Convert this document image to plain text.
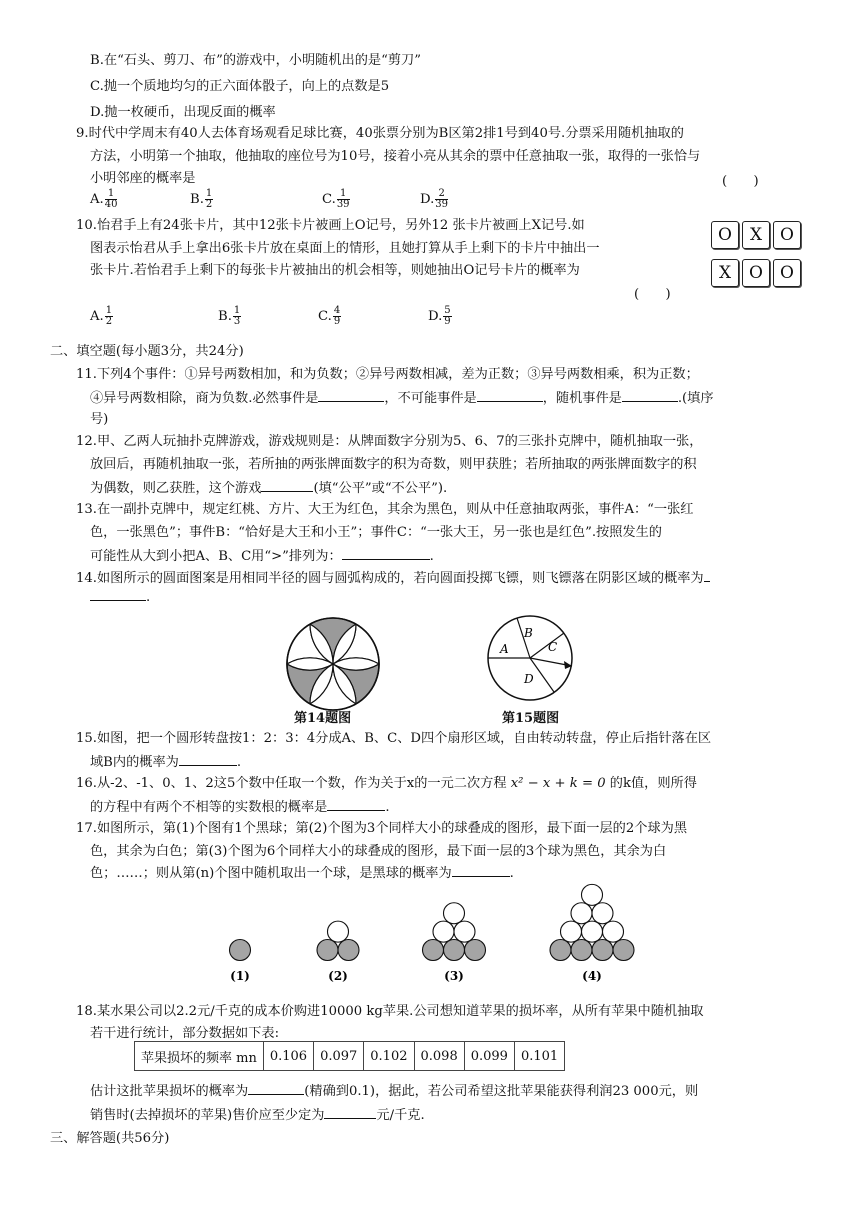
B.在“石头、剪刀、布”的游戏中，小明随机出的是“剪刀”
C.抛一个质地均匀的正六面体骰子，向上的点数是5
D.抛一枚硬币，出现反面的概率
9.时代中学周末有40人去体育场观看足球比赛，40张票分别为B区第2排1号到40号.分票采用随机抽取的
方法，小明第一个抽取，他抽取的座位号为10号，接着小亮从其余的票中任意抽取一张，取得的一张恰与
小明邻座的概率是	(　　)
A. $\frac{1}{40}$	B. $\frac{1}{2}$	C. $\frac{1}{39}$	D. $\frac{2}{39}$
10.怡君手上有24张卡片，其中12张卡片被画上O记号，另外12 张卡片被画上X记号.如
图表示怡君从手上拿出6张卡片放在桌面上的情形，且她打算从手上剩下的卡片中抽出一
张卡片.若怡君手上剩下的每张卡片被抽出的机会相等，则她抽出O记号卡片的概率为
(　　)
O	X	O
X	O	O
A. $\frac{1}{2}$	B. $\frac{1}{3}$	C. $\frac{4}{9}$	D. $\frac{5}{9}$
二、填空题(每小题3分，共24分)
11.下列4个事件：①异号两数相加，和为负数；②异号两数相减，差为正数；③异号两数相乘，积为正数；
④异号两数相除，商为负数.必然事件是	，不可能事件是	，随机事件是	.(填序
号)
12.甲、乙两人玩抽扑克牌游戏，游戏规则是：从牌面数字分别为5、6、7的三张扑克牌中，随机抽取一张，
放回后，再随机抽取一张，若所抽的两张牌面数字的积为奇数，则甲获胜；若所抽取的两张牌面数字的积
为偶数，则乙获胜，这个游戏	(填“公平”或“不公平”).
13.在一副扑克牌中，规定红桃、方片、大王为红色，其余为黑色，则从中任意抽取两张，事件A：“一张红
色，一张黑色”；事件B：“恰好是大王和小王”；事件C：“一张大王，另一张也是红色”.按照发生的
可能性从大到小把A、B、C用“>”排列为：	.
14.如图所示的圆面图案是用相同半径的圆与圆弧构成的，若向圆面投掷飞镖，则飞镖落在阴影区域的概率为
.
第14题图
A
B
C
D
第15题图
15.如图，把一个圆形转盘按1：2：3：4分成A、B、C、D四个扇形区域，自由转动转盘，停止后指针落在区
域B内的概率为	.
16.从-2、-1、0、1、2这5个数中任取一个数，作为关于x的一元二次方程 x² − x + k = 0 的k值，则所得
的方程中有两个不相等的实数根的概率是	.
17.如图所示，第(1)个图有1个黑球；第(2)个图为3个同样大小的球叠成的图形，最下面一层的2个球为黑
色，其余为白色；第(3)个图为6个同样大小的球叠成的图形，最下面一层的3个球为黑色，其余为白
色；……；则从第(n)个图中随机取出一个球，是黑球的概率为	.
(1)	(2)	(3)	(4)
18.某水果公司以2.2元/千克的成本价购进10000 kg苹果.公司想知道苹果的损坏率，从所有苹果中随机抽取
若干进行统计，部分数据如下表:
苹果损坏的频率 mn	0.106	0.097	0.102	0.098	0.099	0.101
估计这批苹果损坏的概率为	(精确到0.1)，据此，若公司希望这批苹果能获得利润23 000元，则
销售时(去掉损坏的苹果)售价应至少定为	元/千克.
三、解答题(共56分)
